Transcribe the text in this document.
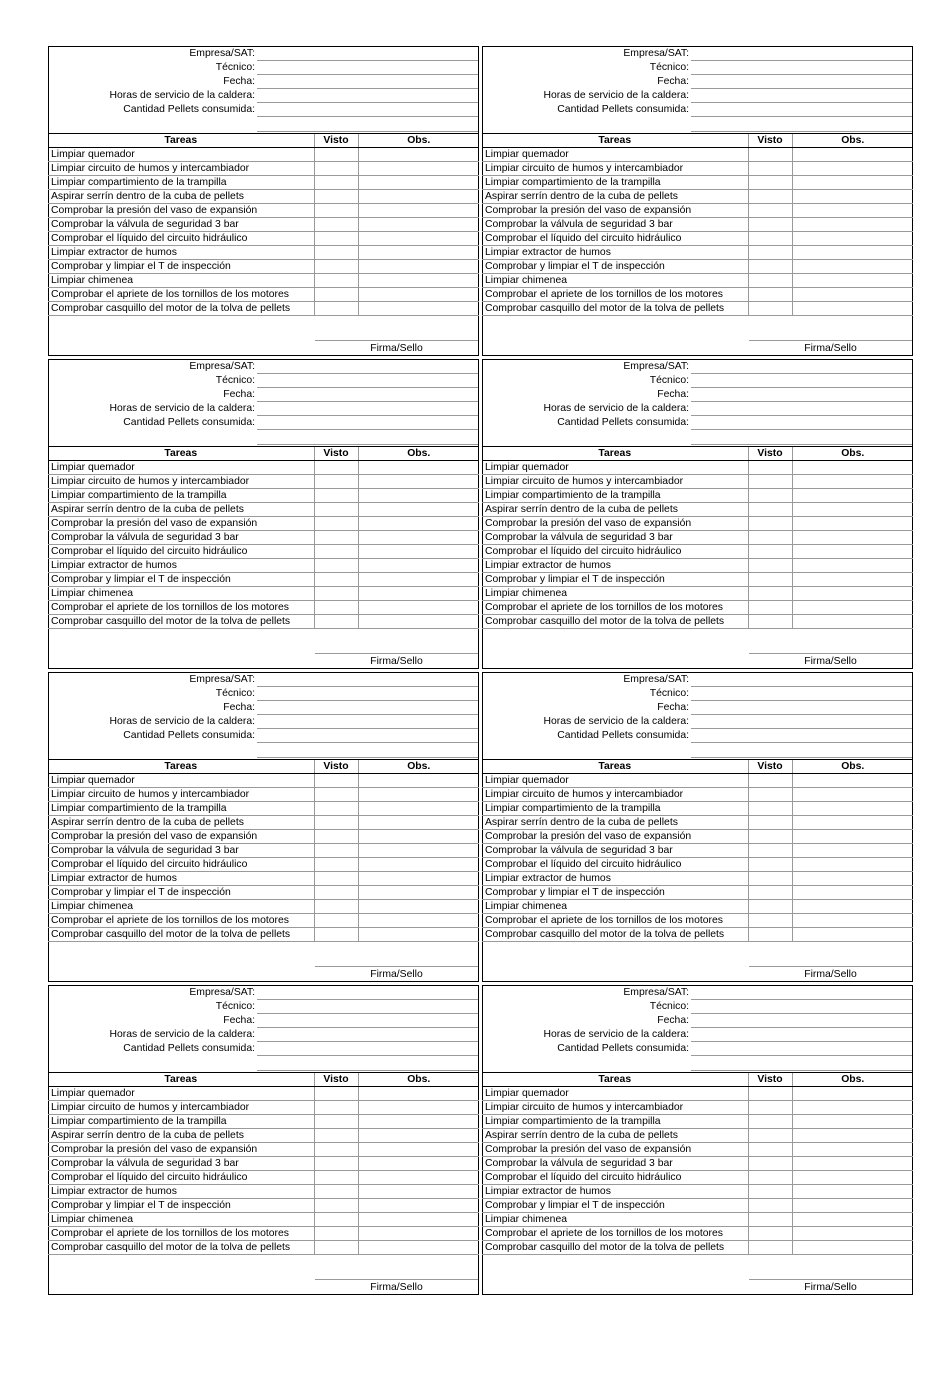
Empresa/SAT:
Técnico:
Fecha:
Horas de servicio de la caldera:
Cantidad Pellets consumida:
Tareas	Visto	Obs.
Limpiar quemador		
Limpiar circuito de humos y intercambiador		
Limpiar compartimiento de la trampilla		
Aspirar serrín dentro de la cuba de pellets		
Comprobar la presión del vaso de expansión		
Comprobar la válvula de seguridad 3 bar		
Comprobar el líquido del circuito hidráulico		
Limpiar extractor de humos		
Comprobar y limpiar el T de inspección		
Limpiar chimenea		
Comprobar el apriete de los tornillos de los motores		
Comprobar casquillo del motor de la tolva de pellets		
Firma/Sello
Empresa/SAT:
Técnico:
Fecha:
Horas de servicio de la caldera:
Cantidad Pellets consumida:
Tareas	Visto	Obs.
Limpiar quemador		
Limpiar circuito de humos y intercambiador		
Limpiar compartimiento de la trampilla		
Aspirar serrín dentro de la cuba de pellets		
Comprobar la presión del vaso de expansión		
Comprobar la válvula de seguridad 3 bar		
Comprobar el líquido del circuito hidráulico		
Limpiar extractor de humos		
Comprobar y limpiar el T de inspección		
Limpiar chimenea		
Comprobar el apriete de los tornillos de los motores		
Comprobar casquillo del motor de la tolva de pellets		
Firma/Sello
Empresa/SAT:
Técnico:
Fecha:
Horas de servicio de la caldera:
Cantidad Pellets consumida:
Tareas	Visto	Obs.
Limpiar quemador		
Limpiar circuito de humos y intercambiador		
Limpiar compartimiento de la trampilla		
Aspirar serrín dentro de la cuba de pellets		
Comprobar la presión del vaso de expansión		
Comprobar la válvula de seguridad 3 bar		
Comprobar el líquido del circuito hidráulico		
Limpiar extractor de humos		
Comprobar y limpiar el T de inspección		
Limpiar chimenea		
Comprobar el apriete de los tornillos de los motores		
Comprobar casquillo del motor de la tolva de pellets		
Firma/Sello
Empresa/SAT:
Técnico:
Fecha:
Horas de servicio de la caldera:
Cantidad Pellets consumida:
Tareas	Visto	Obs.
Limpiar quemador		
Limpiar circuito de humos y intercambiador		
Limpiar compartimiento de la trampilla		
Aspirar serrín dentro de la cuba de pellets		
Comprobar la presión del vaso de expansión		
Comprobar la válvula de seguridad 3 bar		
Comprobar el líquido del circuito hidráulico		
Limpiar extractor de humos		
Comprobar y limpiar el T de inspección		
Limpiar chimenea		
Comprobar el apriete de los tornillos de los motores		
Comprobar casquillo del motor de la tolva de pellets		
Firma/Sello
Empresa/SAT:
Técnico:
Fecha:
Horas de servicio de la caldera:
Cantidad Pellets consumida:
Tareas	Visto	Obs.
Limpiar quemador		
Limpiar circuito de humos y intercambiador		
Limpiar compartimiento de la trampilla		
Aspirar serrín dentro de la cuba de pellets		
Comprobar la presión del vaso de expansión		
Comprobar la válvula de seguridad 3 bar		
Comprobar el líquido del circuito hidráulico		
Limpiar extractor de humos		
Comprobar y limpiar el T de inspección		
Limpiar chimenea		
Comprobar el apriete de los tornillos de los motores		
Comprobar casquillo del motor de la tolva de pellets		
Firma/Sello
Empresa/SAT:
Técnico:
Fecha:
Horas de servicio de la caldera:
Cantidad Pellets consumida:
Tareas	Visto	Obs.
Limpiar quemador		
Limpiar circuito de humos y intercambiador		
Limpiar compartimiento de la trampilla		
Aspirar serrín dentro de la cuba de pellets		
Comprobar la presión del vaso de expansión		
Comprobar la válvula de seguridad 3 bar		
Comprobar el líquido del circuito hidráulico		
Limpiar extractor de humos		
Comprobar y limpiar el T de inspección		
Limpiar chimenea		
Comprobar el apriete de los tornillos de los motores		
Comprobar casquillo del motor de la tolva de pellets		
Firma/Sello
Empresa/SAT:
Técnico:
Fecha:
Horas de servicio de la caldera:
Cantidad Pellets consumida:
Tareas	Visto	Obs.
Limpiar quemador		
Limpiar circuito de humos y intercambiador		
Limpiar compartimiento de la trampilla		
Aspirar serrín dentro de la cuba de pellets		
Comprobar la presión del vaso de expansión		
Comprobar la válvula de seguridad 3 bar		
Comprobar el líquido del circuito hidráulico		
Limpiar extractor de humos		
Comprobar y limpiar el T de inspección		
Limpiar chimenea		
Comprobar el apriete de los tornillos de los motores		
Comprobar casquillo del motor de la tolva de pellets		
Firma/Sello
Empresa/SAT:
Técnico:
Fecha:
Horas de servicio de la caldera:
Cantidad Pellets consumida:
Tareas	Visto	Obs.
Limpiar quemador		
Limpiar circuito de humos y intercambiador		
Limpiar compartimiento de la trampilla		
Aspirar serrín dentro de la cuba de pellets		
Comprobar la presión del vaso de expansión		
Comprobar la válvula de seguridad 3 bar		
Comprobar el líquido del circuito hidráulico		
Limpiar extractor de humos		
Comprobar y limpiar el T de inspección		
Limpiar chimenea		
Comprobar el apriete de los tornillos de los motores		
Comprobar casquillo del motor de la tolva de pellets		
Firma/Sello
